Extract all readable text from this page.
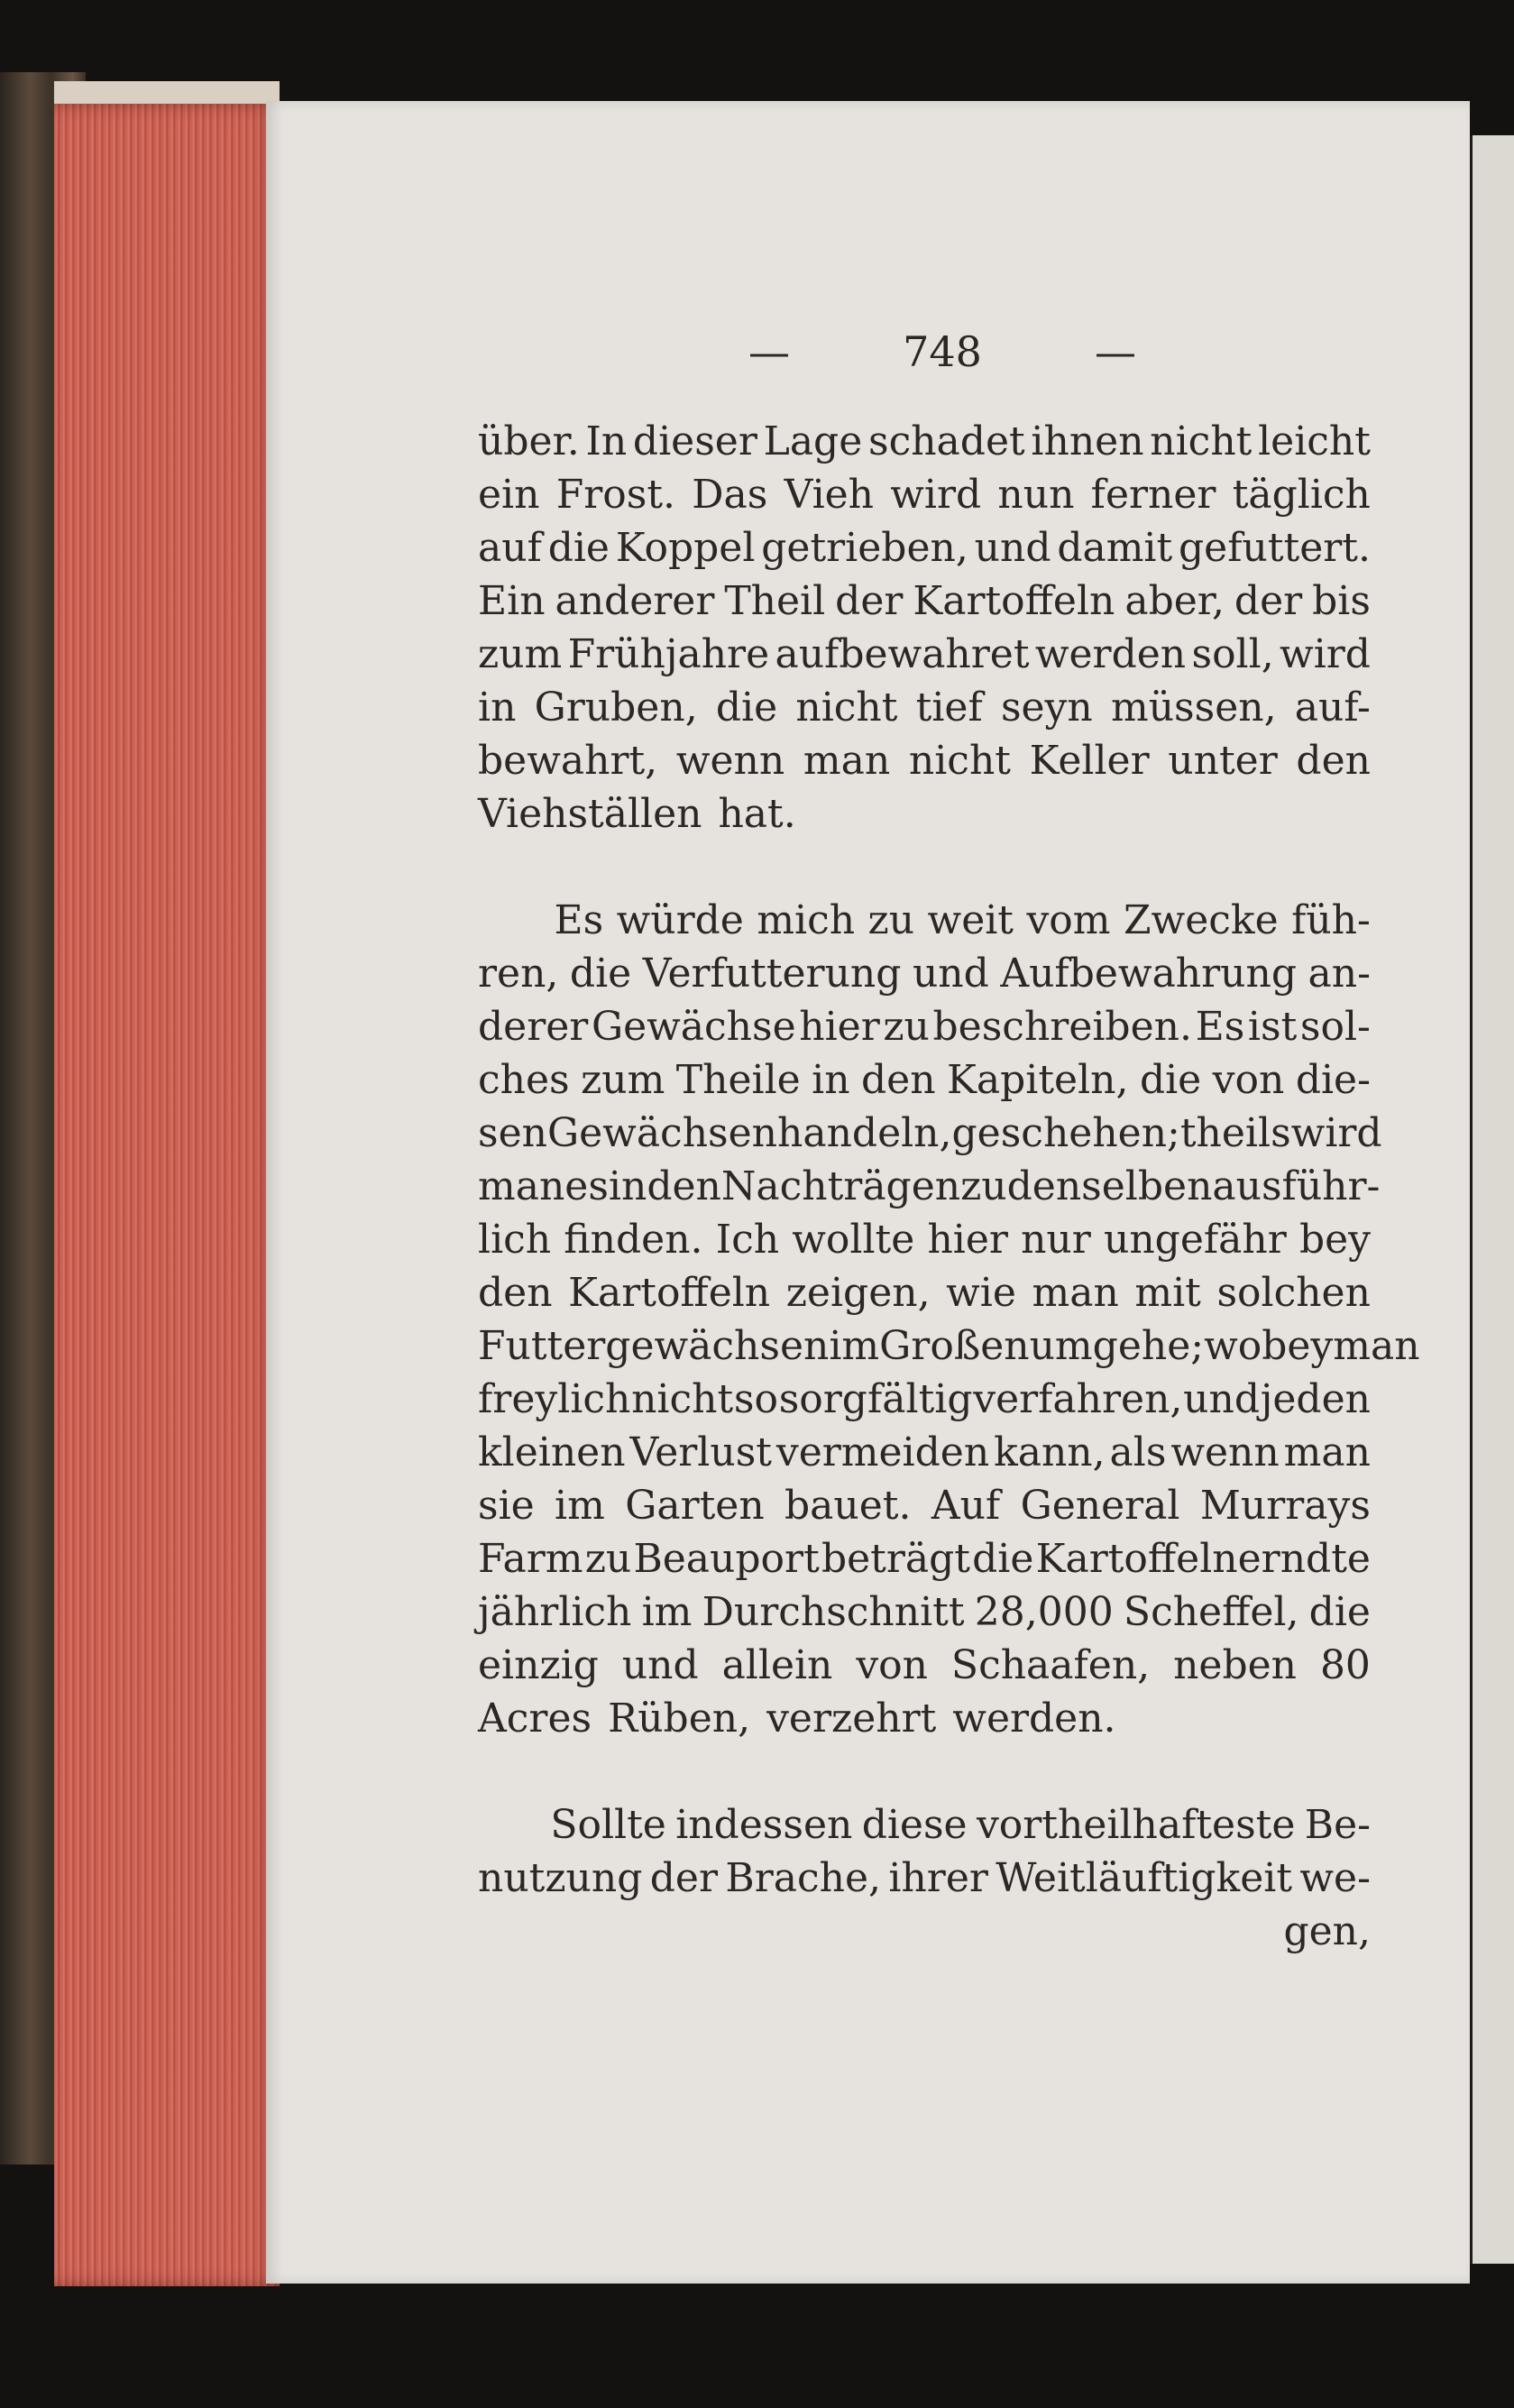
—	748	—
über. In dieser Lage schadet ihnen nicht leicht
ein Frost. Das Vieh wird nun ferner täglich
auf die Koppel getrieben, und damit gefuttert.
Ein anderer Theil der Kartoffeln aber, der bis
zum Frühjahre aufbewahret werden soll, wird
in Gruben, die nicht tief seyn müssen, auf-
bewahrt, wenn man nicht Keller unter den
Viehställen hat.
Es würde mich zu weit vom Zwecke füh-
ren, die Verfutterung und Aufbewahrung an-
derer Gewächse hier zu beschreiben. Es ist sol-
ches zum Theile in den Kapiteln, die von die-
sen Gewächsen handeln, geschehen; theils wird
man es in den Nachträgen zu denselben ausführ-
lich finden. Ich wollte hier nur ungefähr bey
den Kartoffeln zeigen, wie man mit solchen
Futtergewächsen im Großen umgehe; wobey man
freylich nicht so sorgfältig verfahren, und jeden
kleinen Verlust vermeiden kann, als wenn man
sie im Garten bauet. Auf General Murrays
Farm zu Beauport beträgt die Kartoffelnerndte
jährlich im Durchschnitt 28,000 Scheffel, die
einzig und allein von Schaafen, neben 80
Acres Rüben, verzehrt werden.
Sollte indessen diese vortheilhafteste Be-
nutzung der Brache, ihrer Weitläuftigkeit we-
gen,
